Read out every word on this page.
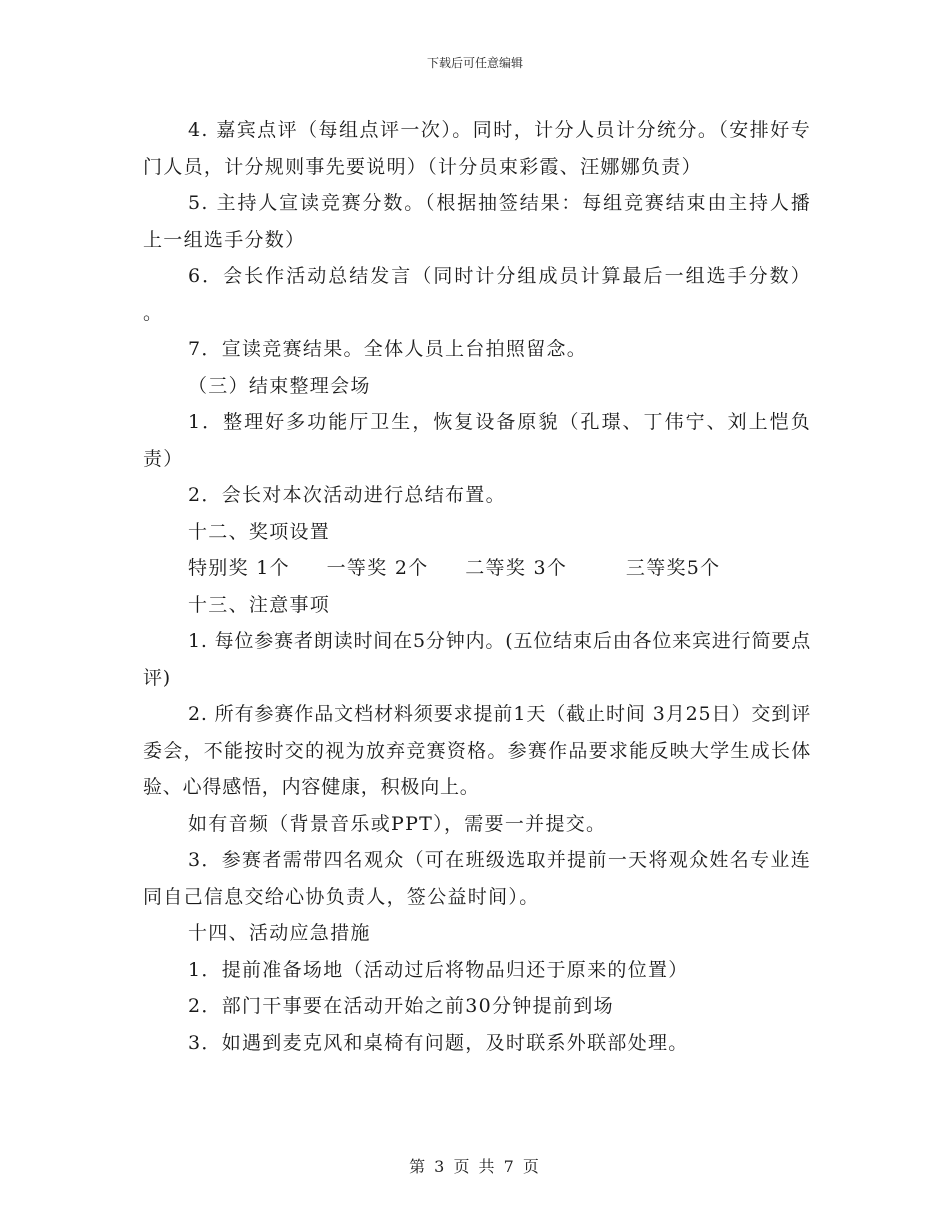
下载后可任意编辑

4. 嘉宾点评（每组点评一次）。同时，计分人员计分统分。（安排好专门人员，计分规则事先要说明）（计分员束彩霞、汪娜娜负责）

5. 主持人宣读竞赛分数。（根据抽签结果：每组竞赛结束由主持人播上一组选手分数）

6．会长作活动总结发言（同时计分组成员计算最后一组选手分数） 。

7．宣读竞赛结果。全体人员上台拍照留念。

（三）结束整理会场

1．整理好多功能厅卫生，恢复设备原貌（孔璟、丁伟宁、刘上恺负责）

2．会长对本次活动进行总结布置。

十二、奖项设置

特别奖 1个     一等奖 2个     二等奖 3个        三等奖5个

十三、注意事项

1. 每位参赛者朗读时间在5分钟内。(五位结束后由各位来宾进行简要点评)

2. 所有参赛作品文档材料须要求提前1天（截止时间 3月25日）交到评委会，不能按时交的视为放弃竞赛资格。参赛作品要求能反映大学生成长体验、心得感悟，内容健康，积极向上。

如有音频（背景音乐或PPT），需要一并提交。

3．参赛者需带四名观众（可在班级选取并提前一天将观众姓名专业连同自己信息交给心协负责人，签公益时间）。

十四、活动应急措施

1．提前准备场地（活动过后将物品归还于原来的位置）

2．部门干事要在活动开始之前30分钟提前到场

3．如遇到麦克风和桌椅有问题，及时联系外联部处理。

第 3 页 共 7 页
